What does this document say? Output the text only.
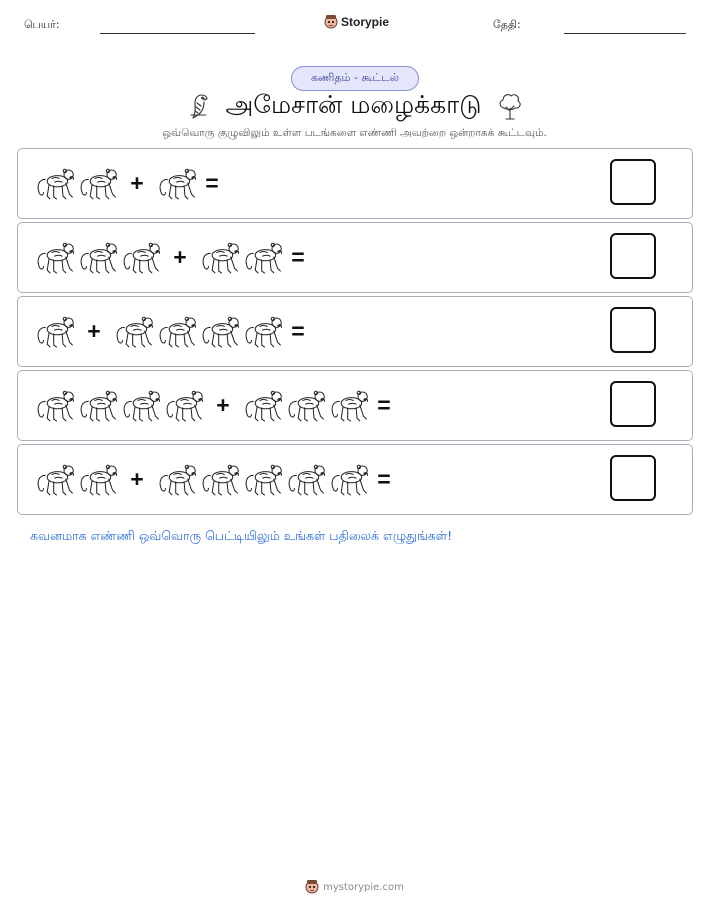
பெயர்:	Storypie	தேதி:
கணிதம் - கூட்டல்
அமேசான் மழைக்காடு
ஒவ்வொரு குழுவிலும் உள்ள படங்களை எண்ணி அவற்றை ஒன்றாகக் கூட்டவும்.
+	=
+	=
+	=
+	=
+	=
கவனமாக எண்ணி ஒவ்வொரு பெட்டியிலும் உங்கள் பதிலைக் எழுதுங்கள்!
mystorypie.com
